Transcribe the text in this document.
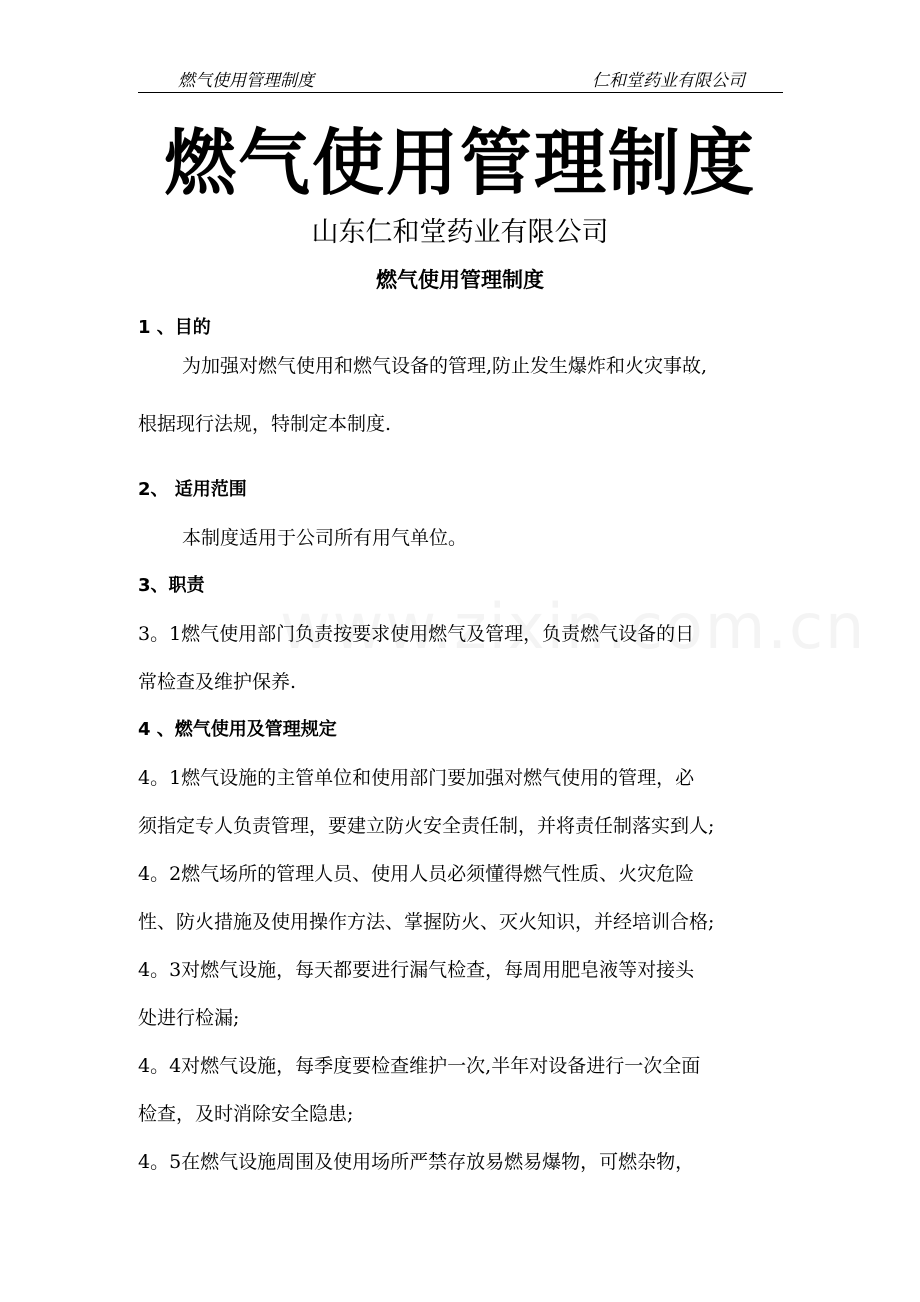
燃气使用管理制度	仁和堂药业有限公司
燃气使用管理制度
山东仁和堂药业有限公司
燃气使用管理制度
1 、目的
为加强对燃气使用和燃气设备的管理,防止发生爆炸和火灾事故,
根据现行法规，特制定本制度.
2、 适用范围
本制度适用于公司所有用气单位。
3、职责
3。1燃气使用部门负责按要求使用燃气及管理，负责燃气设备的日
常检查及维护保养.
4 、燃气使用及管理规定
4。1燃气设施的主管单位和使用部门要加强对燃气使用的管理，必
须指定专人负责管理，要建立防火安全责任制，并将责任制落实到人;
4。2燃气场所的管理人员、使用人员必须懂得燃气性质、火灾危险
性、防火措施及使用操作方法、掌握防火、灭火知识，并经培训合格;
4。3对燃气设施，每天都要进行漏气检查，每周用肥皂液等对接头
处进行检漏;
4。4对燃气设施，每季度要检查维护一次,半年对设备进行一次全面
检查，及时消除安全隐患;
4。5在燃气设施周围及使用场所严禁存放易燃易爆物，可燃杂物，
